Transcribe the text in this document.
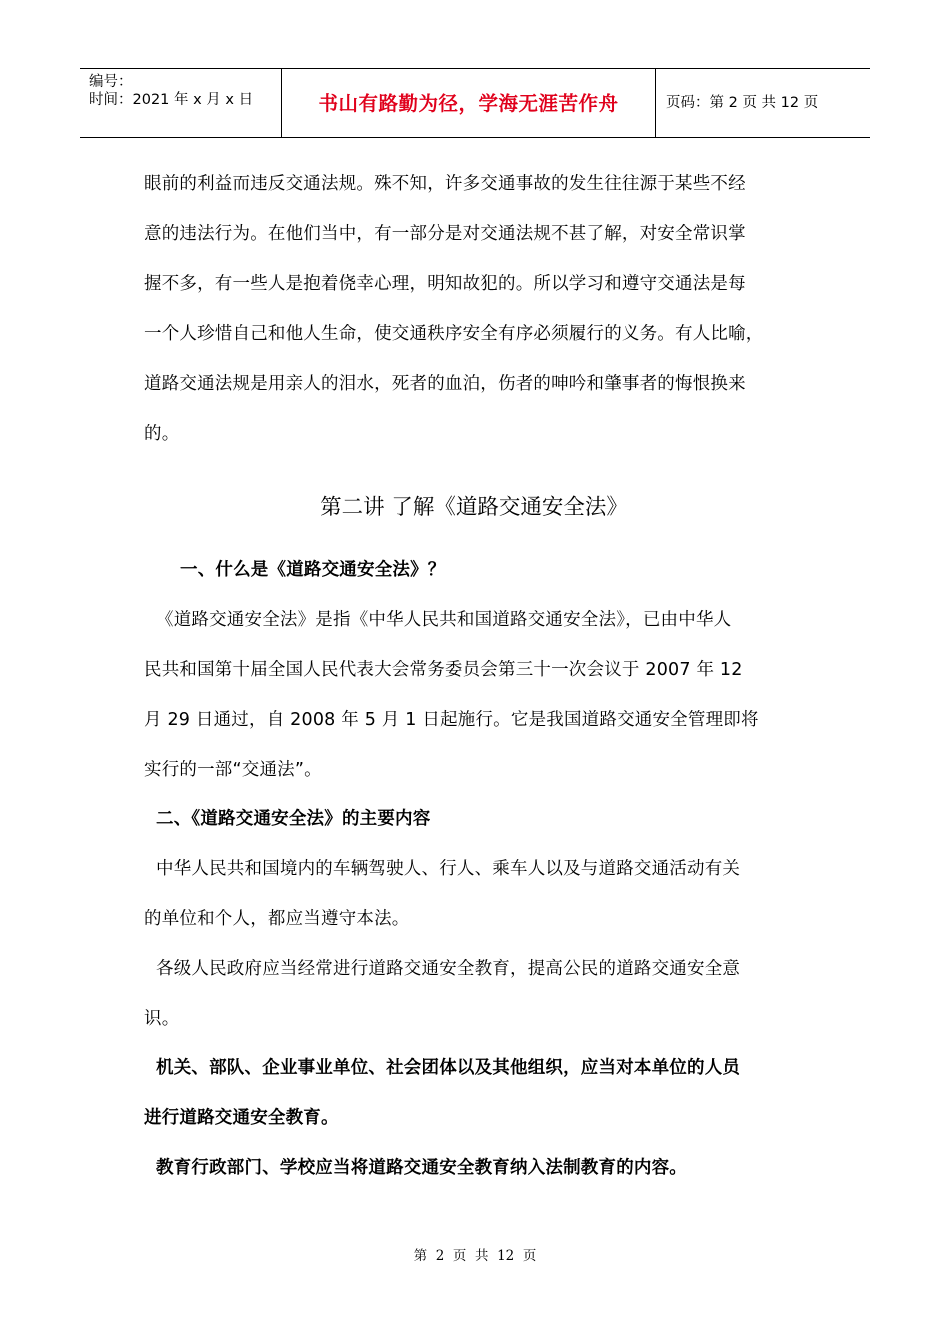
编号：
时间：2021 年 x 月 x 日	书山有路勤为径，学海无涯苦作舟	页码：第 2 页 共 12 页
眼前的利益而违反交通法规。殊不知，许多交通事故的发生往往源于某些不经
意的违法行为。在他们当中，有一部分是对交通法规不甚了解，对安全常识掌
握不多，有一些人是抱着侥幸心理，明知故犯的。所以学习和遵守交通法是每
一个人珍惜自己和他人生命，使交通秩序安全有序必须履行的义务。有人比喻，
道路交通法规是用亲人的泪水，死者的血泊，伤者的呻吟和肇事者的悔恨换来
的。
第二讲 了解《道路交通安全法》
一、什么是《道路交通安全法》？
《道路交通安全法》是指《中华人民共和国道路交通安全法》，已由中华人
民共和国第十届全国人民代表大会常务委员会第三十一次会议于 2007 年 12
月 29 日通过，自 2008 年 5 月 1 日起施行。它是我国道路交通安全管理即将
实行的一部“交通法”。
二、《道路交通安全法》的主要内容
中华人民共和国境内的车辆驾驶人、行人、乘车人以及与道路交通活动有关
的单位和个人，都应当遵守本法。
各级人民政府应当经常进行道路交通安全教育，提高公民的道路交通安全意
识。
机关、部队、企业事业单位、社会团体以及其他组织，应当对本单位的人员
进行道路交通安全教育。
教育行政部门、学校应当将道路交通安全教育纳入法制教育的内容。
第  2  页  共  12  页
